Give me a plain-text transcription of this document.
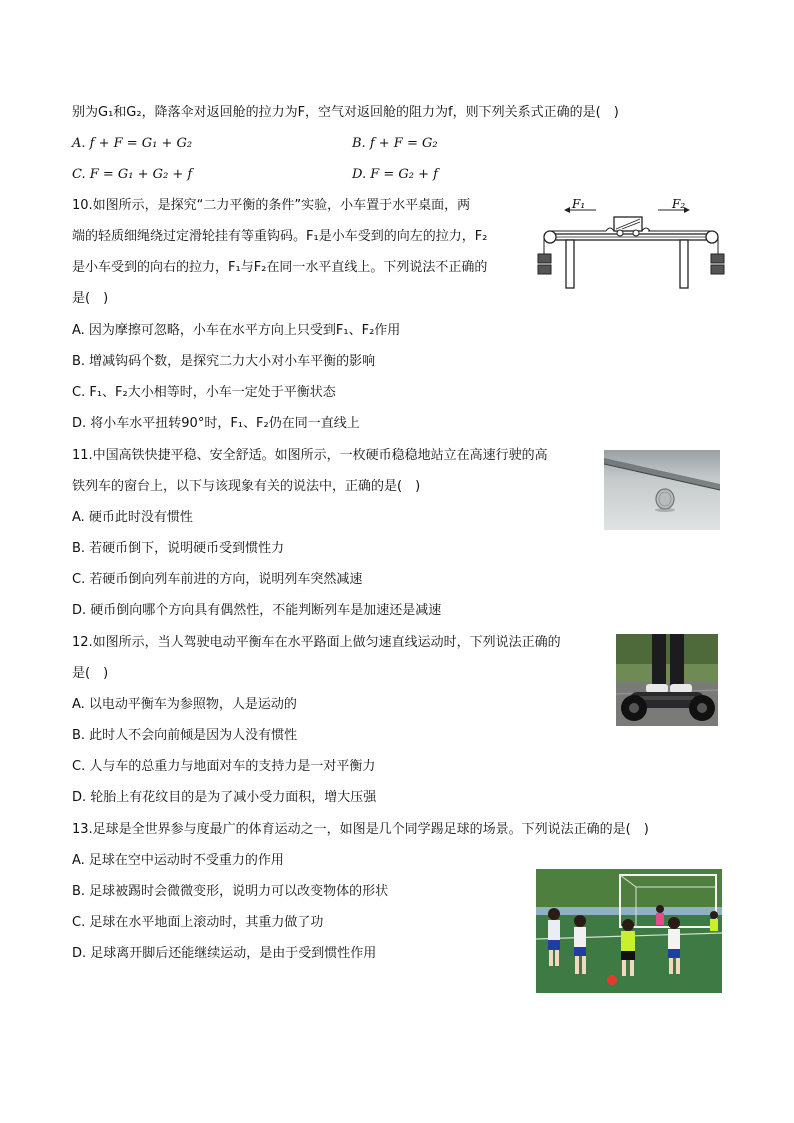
别为G₁和G₂，降落伞对返回舱的拉力为F，空气对返回舱的阻力为f，则下列关系式正确的是(　)
A. f + F = G₁ + G₂	B. f + F = G₂
C. F = G₁ + G₂ + f	D. F = G₂ + f
10.如图所示，是探究“二力平衡的条件”实验，小车置于水平桌面，两
端的轻质细绳绕过定滑轮挂有等重钩码。F₁是小车受到的向左的拉力，F₂
是小车受到的向右的拉力，F₁与F₂在同一水平直线上。下列说法不正确的
是(　)
A. 因为摩擦可忽略，小车在水平方向上只受到F₁、F₂作用
B. 增减钩码个数，是探究二力大小对小车平衡的影响
C. F₁、F₂大小相等时，小车一定处于平衡状态
D. 将小车水平扭转90°时，F₁、F₂仍在同一直线上
F₁	F₂
11.中国高铁快捷平稳、安全舒适。如图所示，一枚硬币稳稳地站立在高速行驶的高
铁列车的窗台上，以下与该现象有关的说法中，正确的是(　)
A. 硬币此时没有惯性
B. 若硬币倒下，说明硬币受到惯性力
C. 若硬币倒向列车前进的方向，说明列车突然减速
D. 硬币倒向哪个方向具有偶然性，不能判断列车是加速还是减速
12.如图所示，当人驾驶电动平衡车在水平路面上做匀速直线运动时，下列说法正确的
是(　)
A. 以电动平衡车为参照物，人是运动的
B. 此时人不会向前倾是因为人没有惯性
C. 人与车的总重力与地面对车的支持力是一对平衡力
D. 轮胎上有花纹目的是为了减小受力面积，增大压强
13.足球是全世界参与度最广的体育运动之一，如图是几个同学踢足球的场景。下列说法正确的是(　)
A. 足球在空中运动时不受重力的作用
B. 足球被踢时会微微变形，说明力可以改变物体的形状
C. 足球在水平地面上滚动时，其重力做了功
D. 足球离开脚后还能继续运动，是由于受到惯性作用
